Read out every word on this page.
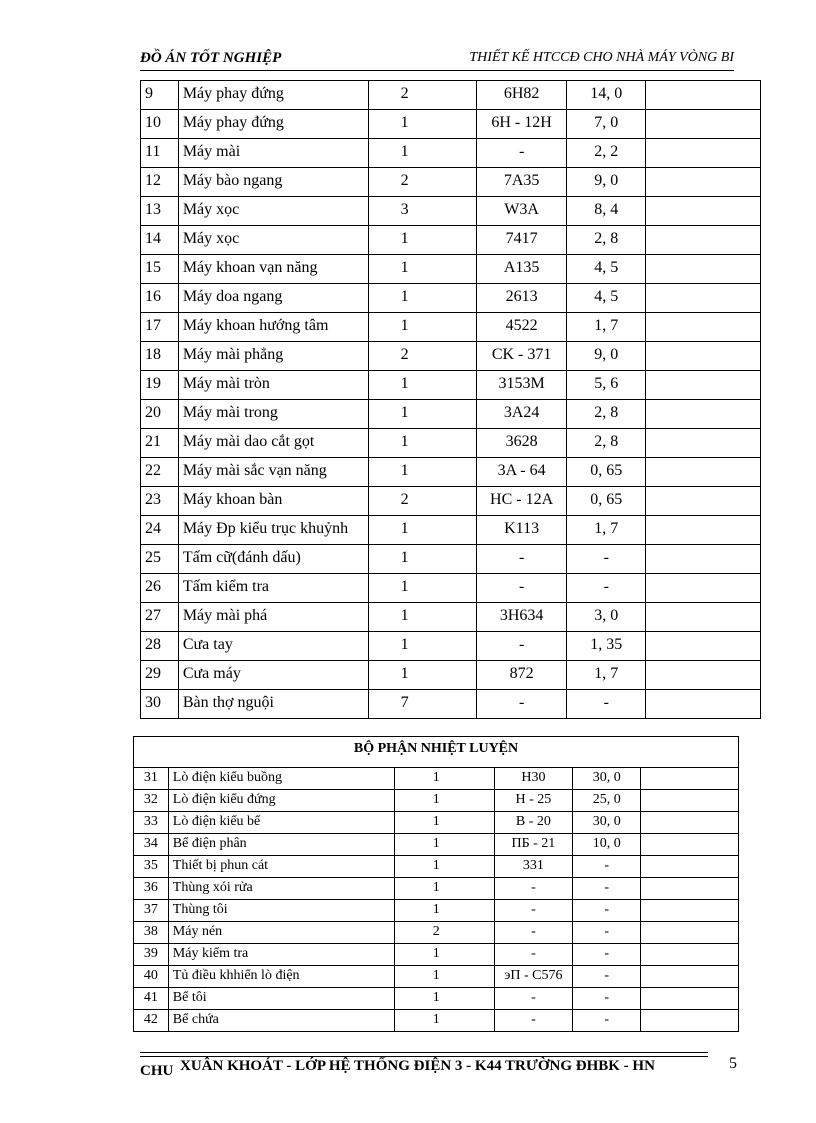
ĐỒ ÁN TỐT NGHIỆP	THIẾT KẾ HTCCĐ CHO NHÀ MÁY VÒNG BI
9	Máy phay đứng	2	6H82	14, 0	
10	Máy phay đứng	1	6H - 12H	7, 0	
11	Máy mài	1	-	2, 2	
12	Máy bào ngang	2	7A35	9, 0	
13	Máy xọc	3	W3A	8, 4	
14	Máy xọc	1	7417	2, 8	
15	Máy khoan vạn năng	1	A135	4, 5	
16	Máy doa ngang	1	2613	4, 5	
17	Máy khoan hướng tâm	1	4522	1, 7	
18	Máy mài phẳng	2	CK - 371	9, 0	
19	Máy mài tròn	1	3153M	5, 6	
20	Máy mài trong	1	3A24	2, 8	
21	Máy mài dao cắt gọt	1	3628	2, 8	
22	Máy mài sắc vạn năng	1	3A - 64	0, 65	
23	Máy khoan bàn	2	HC - 12A	0, 65	
24	Máy Đp kiểu trục khuỷnh	1	K113	1, 7	
25	Tấm cữ(đánh dấu)	1	-	-	
26	Tấm kiểm tra	1	-	-	
27	Máy mài phá	1	3H634	3, 0	
28	Cưa tay	1	-	1, 35	
29	Cưa máy	1	872	1, 7	
30	Bàn thợ nguội	7	-	-	
BỘ PHẬN NHIỆT LUYỆN					
31	Lò điện kiểu buồng	1	H30	30, 0	
32	Lò điện kiểu đứng	1	H - 25	25, 0	
33	Lò điện kiểu bể	1	B - 20	30, 0	
34	Bể điện phân	1	ΠБ - 21	10, 0	
35	Thiết bị phun cát	1	331	-	
36	Thùng xói rửa	1	-	-	
37	Thùng tôi	1	-	-	
38	Máy nén	2	-	-	
39	Máy kiểm tra	1	-	-	
40	Tủ điều khhiển lò điện	1	эΠ - C576	-	
41	Bể tôi	1	-	-	
42	Bể chứa	1	-	-	
CHU XUÂN KHOÁT - LỚP HỆ THỐNG ĐIỆN 3 - K44 TRƯỜNG ĐHBK - HN	5
